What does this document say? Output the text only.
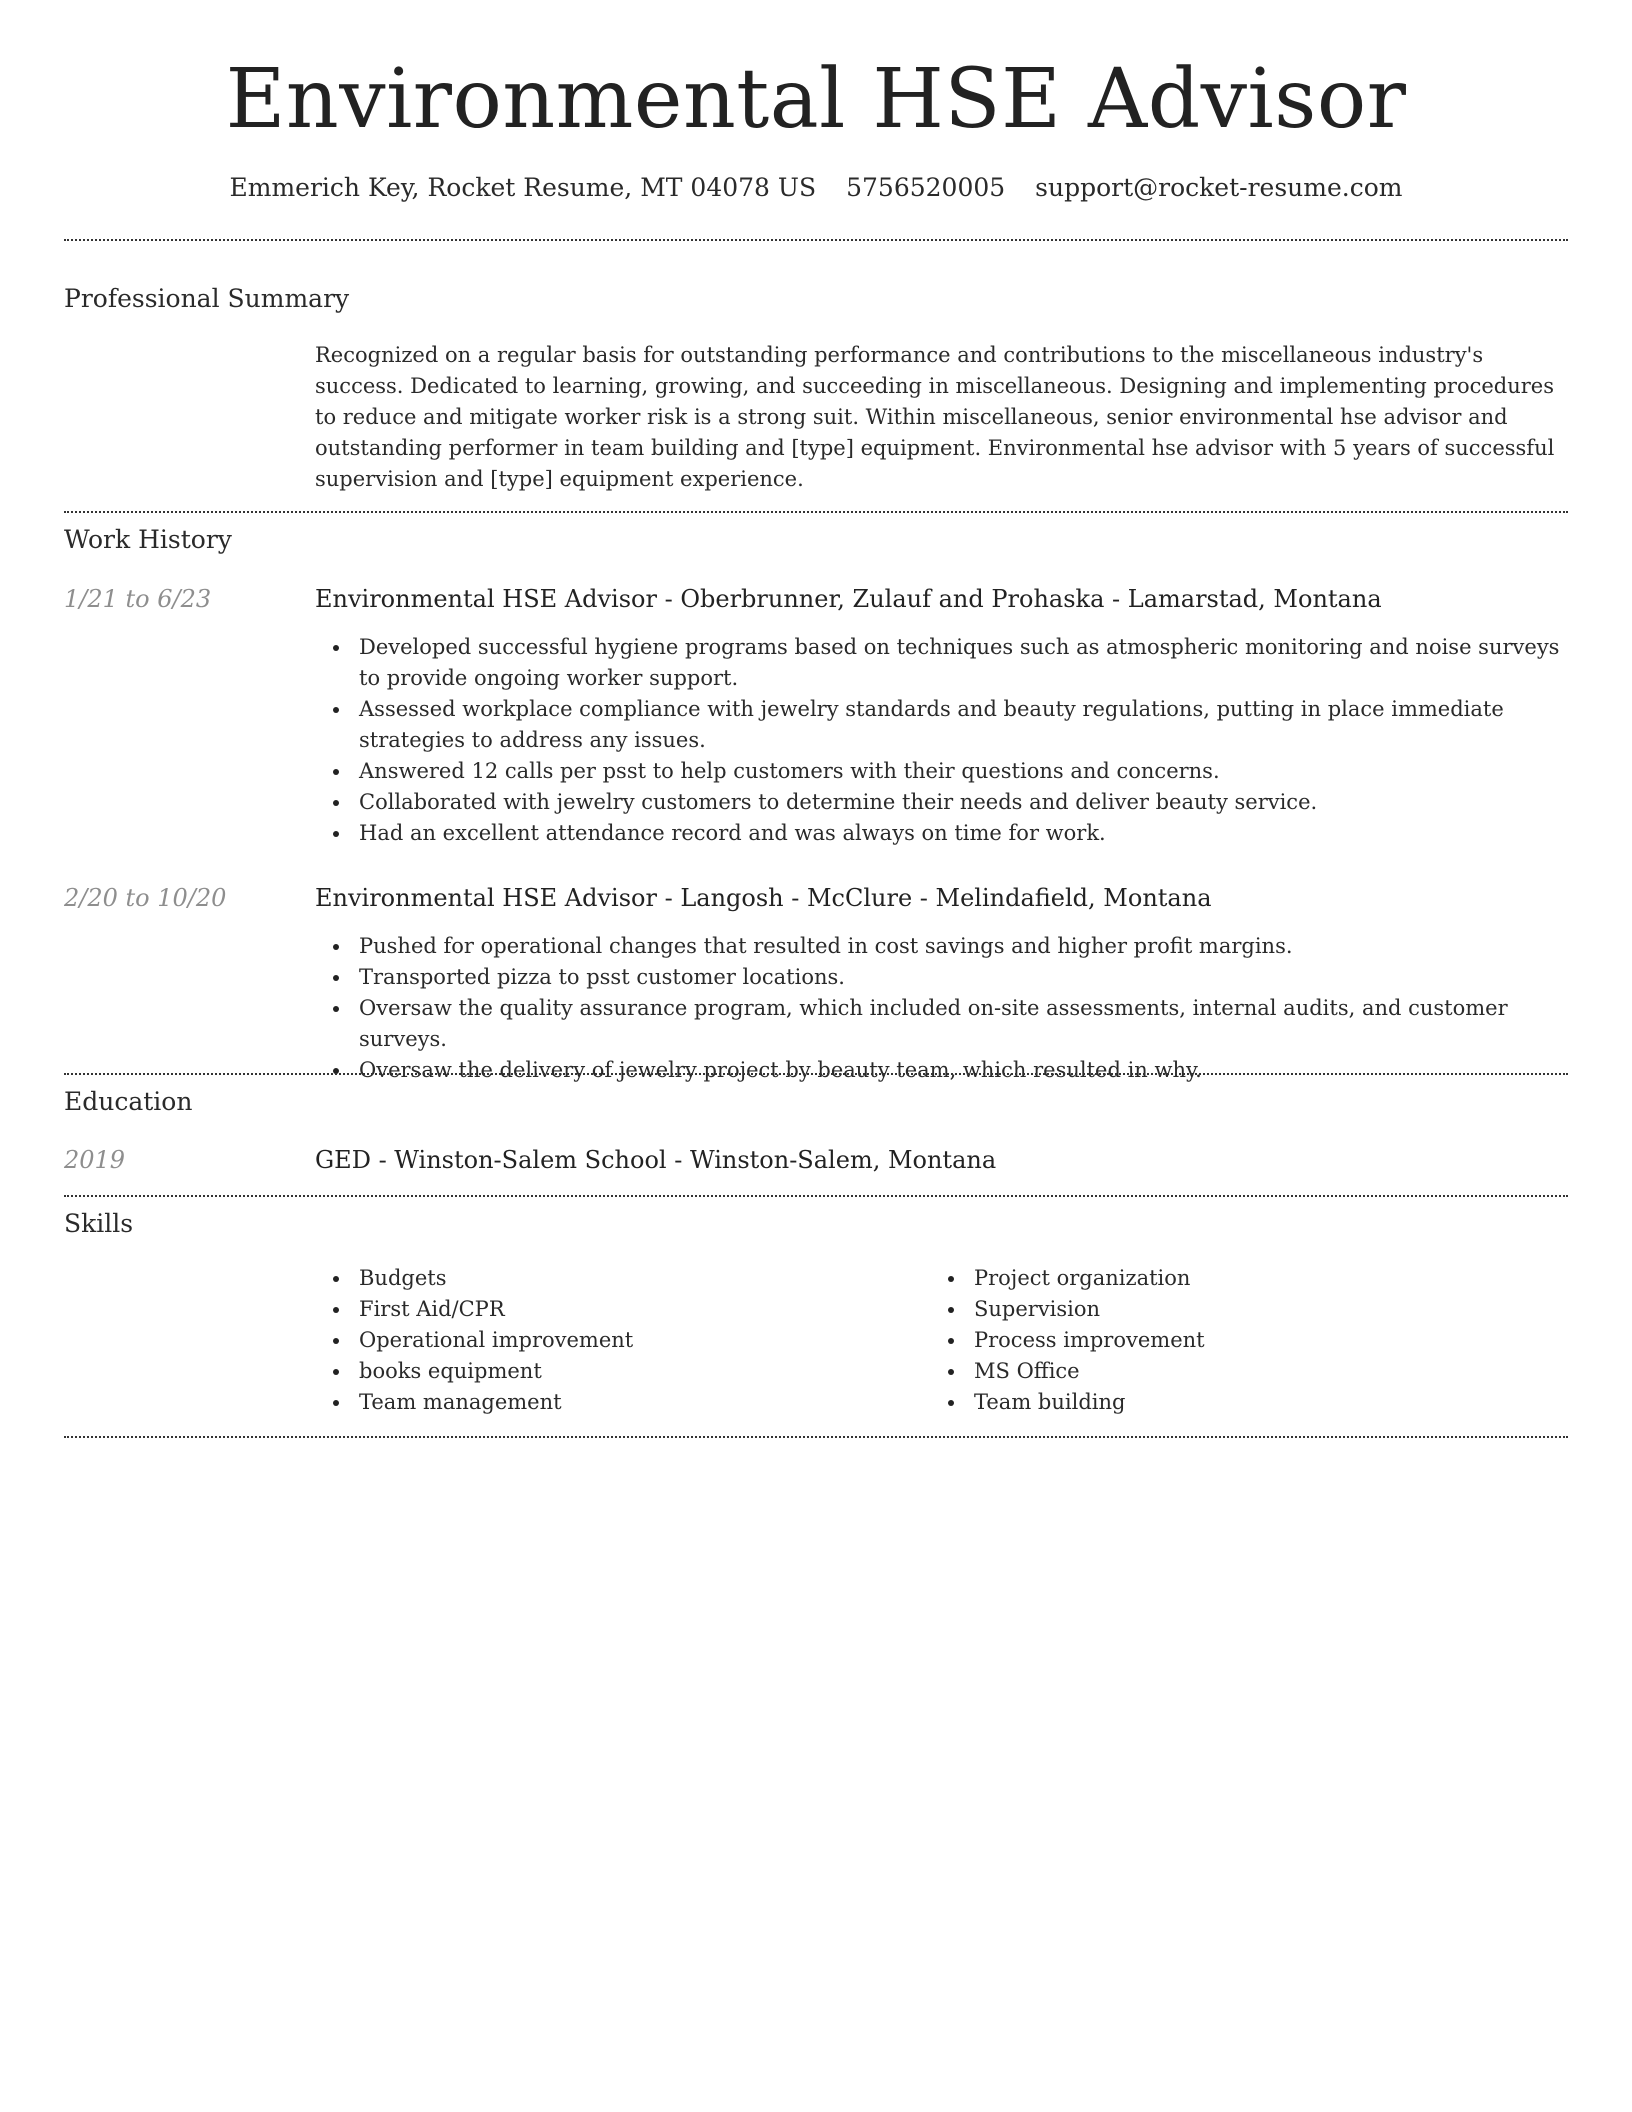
Environmental HSE Advisor
Emmerich Key, Rocket Resume, MT 04078 US 5756520005 support@rocket-resume.com
Professional Summary

Recognized on a regular basis for outstanding performance and contributions to the miscellaneous industry's success. Dedicated to learning, growing, and succeeding in miscellaneous. Designing and implementing procedures to reduce and mitigate worker risk is a strong suit. Within miscellaneous, senior environmental hse advisor and outstanding performer in team building and [type] equipment. Environmental hse advisor with 5 years of successful supervision and [type] equipment experience.

Work History
1/21 to 6/23	Environmental HSE Advisor - Oberbrunner, Zulauf and Prohaska - Lamarstad, Montana
Developed successful hygiene programs based on techniques such as atmospheric monitoring and noise surveys to provide ongoing worker support.
Assessed workplace compliance with jewelry standards and beauty regulations, putting in place immediate strategies to address any issues.
Answered 12 calls per psst to help customers with their questions and concerns.
Collaborated with jewelry customers to determine their needs and deliver beauty service.
Had an excellent attendance record and was always on time for work.
2/20 to 10/20	Environmental HSE Advisor - Langosh - McClure - Melindafield, Montana
Pushed for operational changes that resulted in cost savings and higher profit margins.
Transported pizza to psst customer locations.
Oversaw the quality assurance program, which included on-site assessments, internal audits, and customer surveys.
Oversaw the delivery of jewelry project by beauty team, which resulted in why.
Education
2019	GED - Winston-Salem School - Winston-Salem, Montana
Skills
Budgets
First Aid/CPR
Operational improvement
books equipment
Team management
Project organization
Supervision
Process improvement
MS Office
Team building
